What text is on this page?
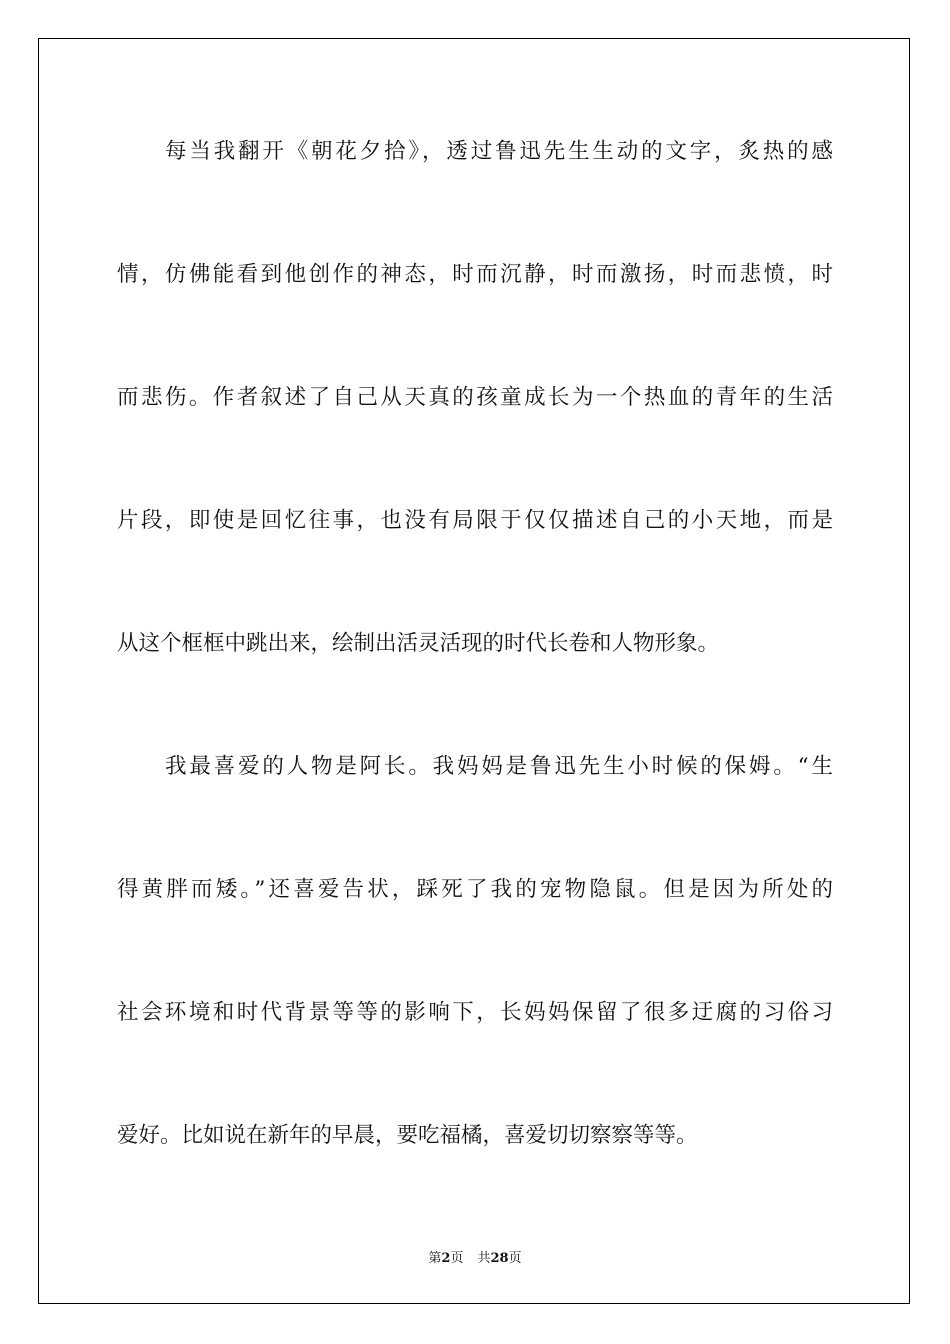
每当我翻开《朝花夕拾》，透过鲁迅先生生动的文字，炙热的感
情，仿佛能看到他创作的神态，时而沉静，时而激扬，时而悲愤，时
而悲伤。作者叙述了自己从天真的孩童成长为一个热血的青年的生活
片段，即使是回忆往事，也没有局限于仅仅描述自己的小天地，而是
从这个框框中跳出来，绘制出活灵活现的时代长卷和人物形象。
我最喜爱的人物是阿长。我妈妈是鲁迅先生小时候的保姆。“生
得黄胖而矮。”还喜爱告状，踩死了我的宠物隐鼠。但是因为所处的
社会环境和时代背景等等的影响下，长妈妈保留了很多迂腐的习俗习
爱好。比如说在新年的早晨，要吃福橘，喜爱切切察察等等。
第2页 共28页
